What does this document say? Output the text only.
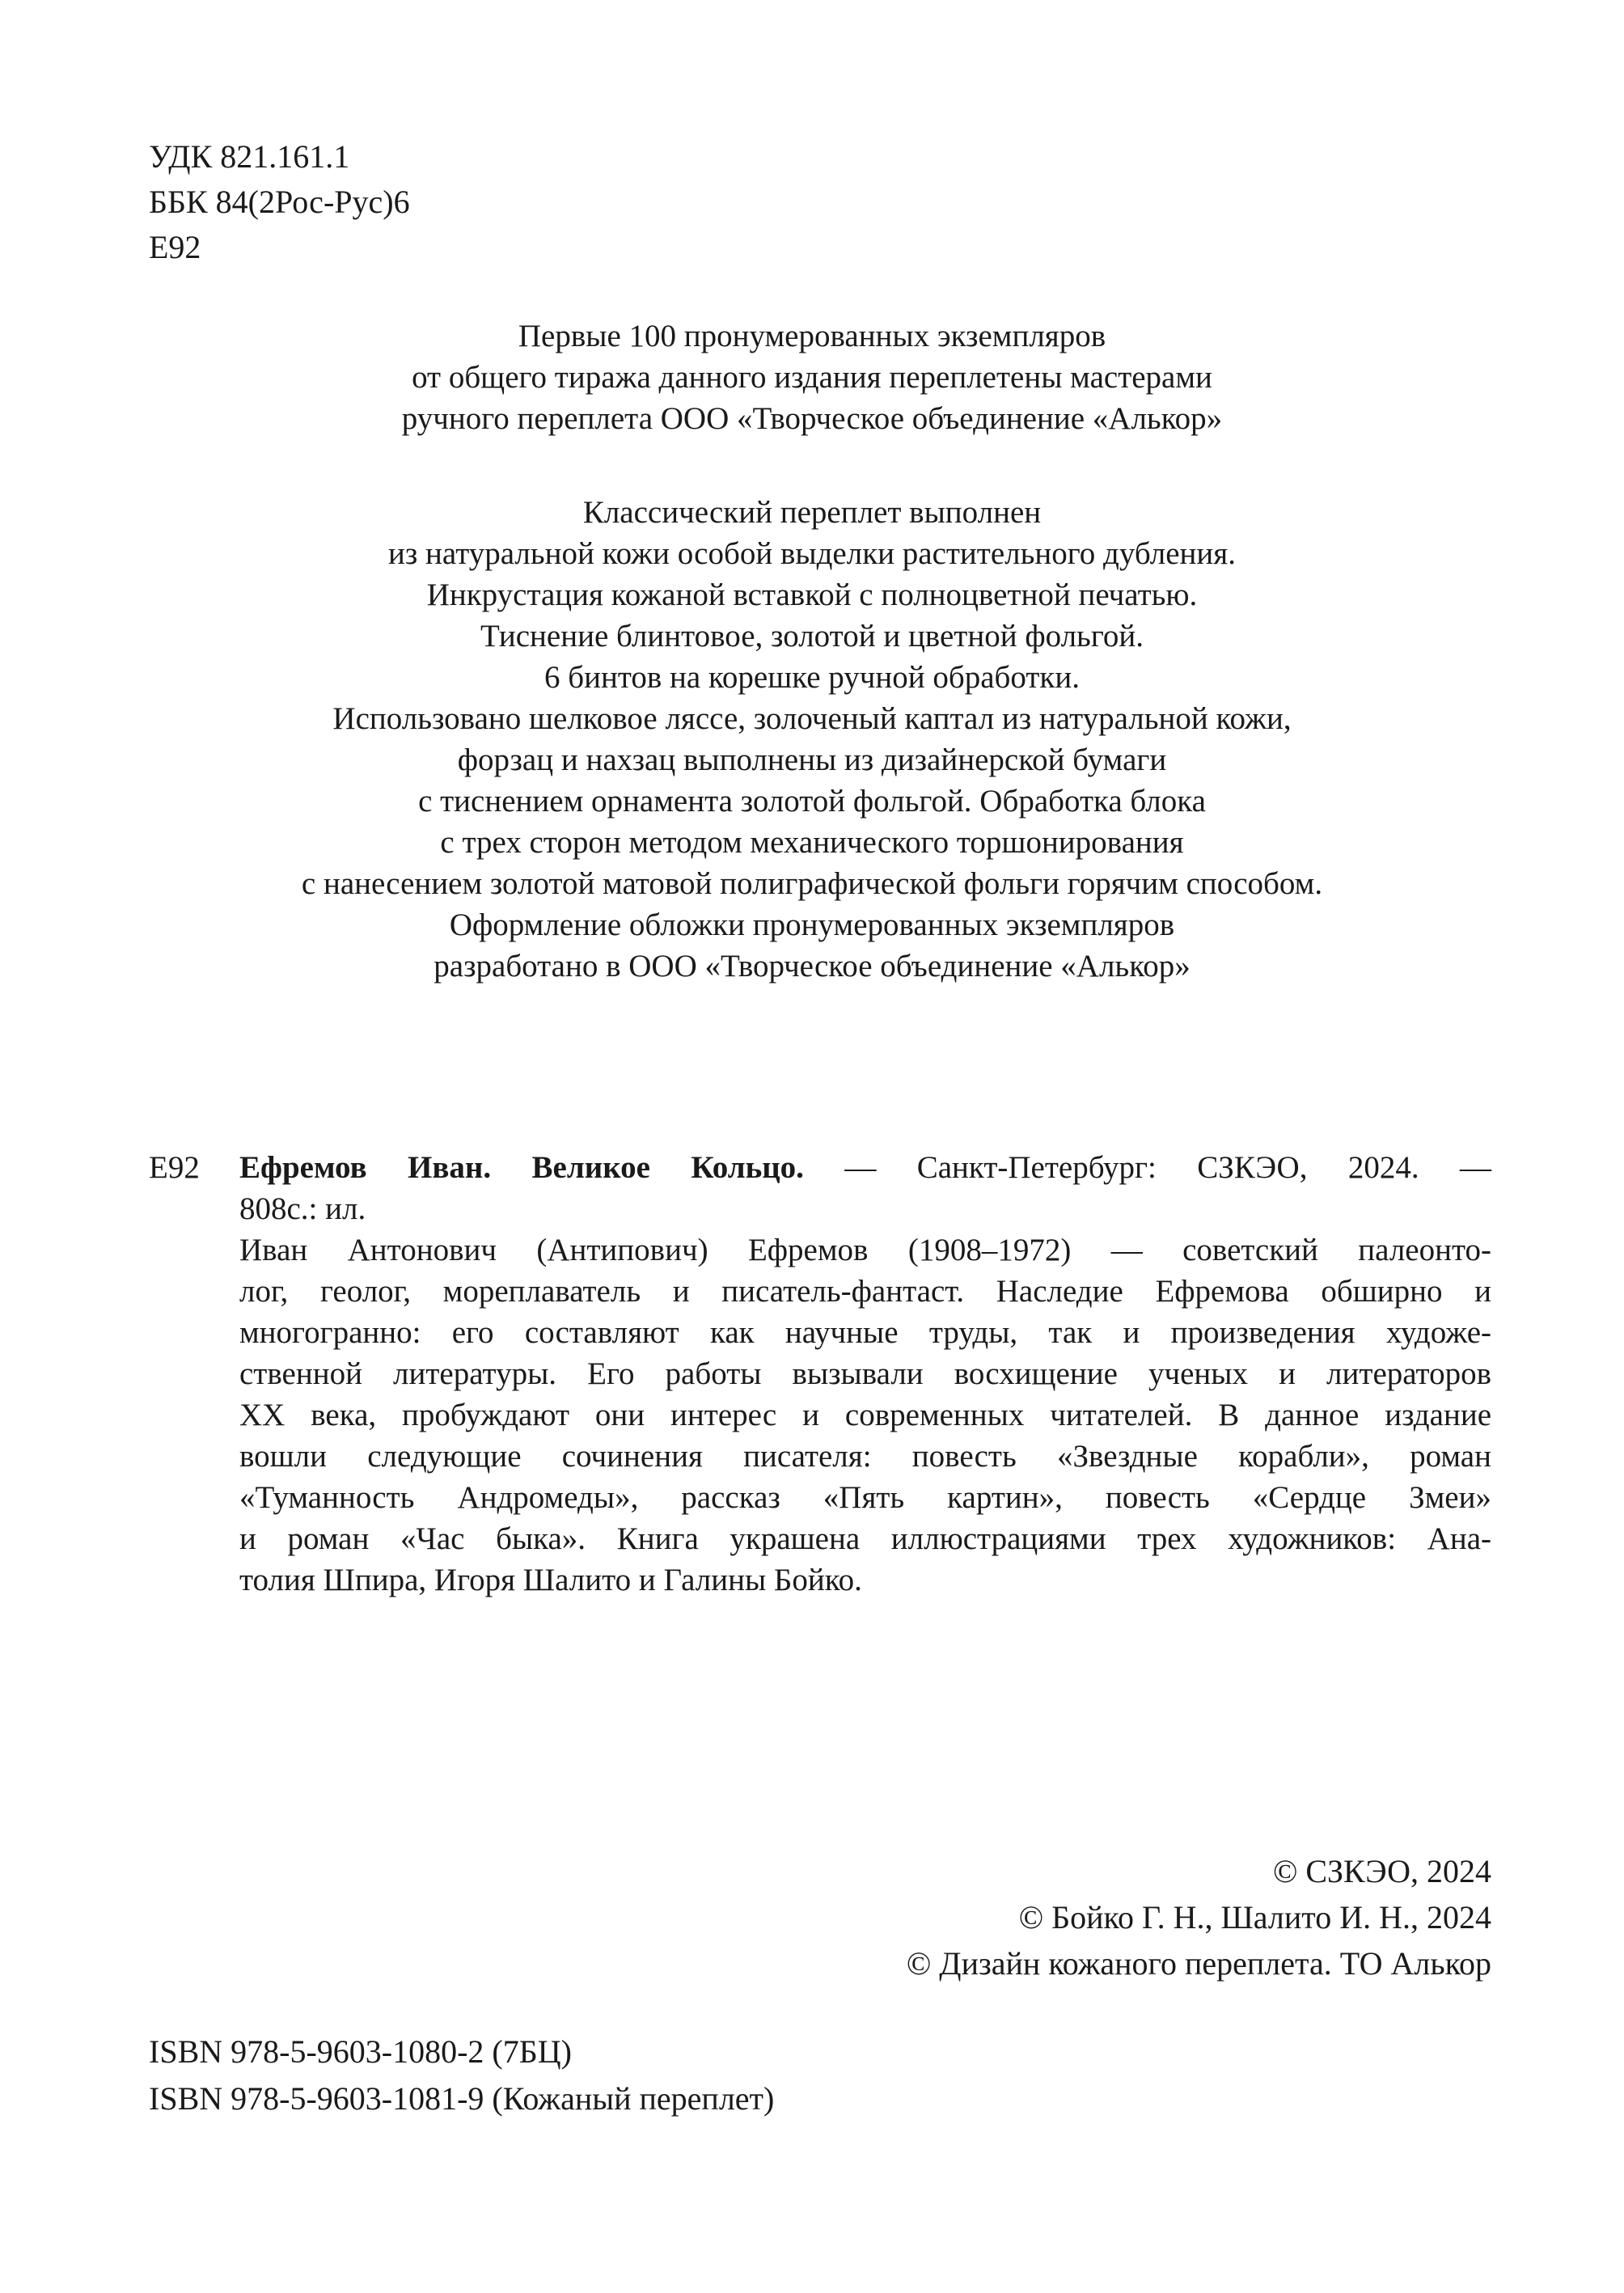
УДК 821.161.1
ББК 84(2Рос-Рус)6
Е92
Первые 100 пронумерованных экземпляров
от общего тиража данного издания переплетены мастерами
ручного переплета ООО «Творческое объединение «Алькор»
Классический переплет выполнен
из натуральной кожи особой выделки растительного дубления.
Инкрустация кожаной вставкой с полноцветной печатью.
Тиснение блинтовое, золотой и цветной фольгой.
6 бинтов на корешке ручной обработки.
Использовано шелковое ляссе, золоченый каптал из натуральной кожи,
форзац и нахзац выполнены из дизайнерской бумаги
с тиснением орнамента золотой фольгой. Обработка блока
с трех сторон методом механического торшонирования
с нанесением золотой матовой полиграфической фольги горячим способом.
Оформление обложки пронумерованных экземпляров
разработано в ООО «Творческое объединение «Алькор»
Е92 Ефремов Иван. Великое Кольцо. — Санкт-Петербург: СЗКЭО, 2024. —
808с.: ил.
Иван Антонович (Антипович) Ефремов (1908–1972) — советский палеонто-
лог, геолог, мореплаватель и писатель-фантаст. Наследие Ефремова обширно и
многогранно: его составляют как научные труды, так и произведения художе-
ственной литературы. Его работы вызывали восхищение ученых и литераторов
XX века, пробуждают они интерес и современных читателей. В данное издание
вошли следующие сочинения писателя: повесть «Звездные корабли», роман
«Туманность Андромеды», рассказ «Пять картин», повесть «Сердце Змеи»
и роман «Час быка». Книга украшена иллюстрациями трех художников: Ана-
толия Шпира, Игоря Шалито и Галины Бойко.
© СЗКЭО, 2024
© Бойко Г. Н., Шалито И. Н., 2024
© Дизайн кожаного переплета. ТО Алькор
ISBN 978-5-9603-1080-2 (7БЦ)
ISBN 978-5-9603-1081-9 (Кожаный переплет)
